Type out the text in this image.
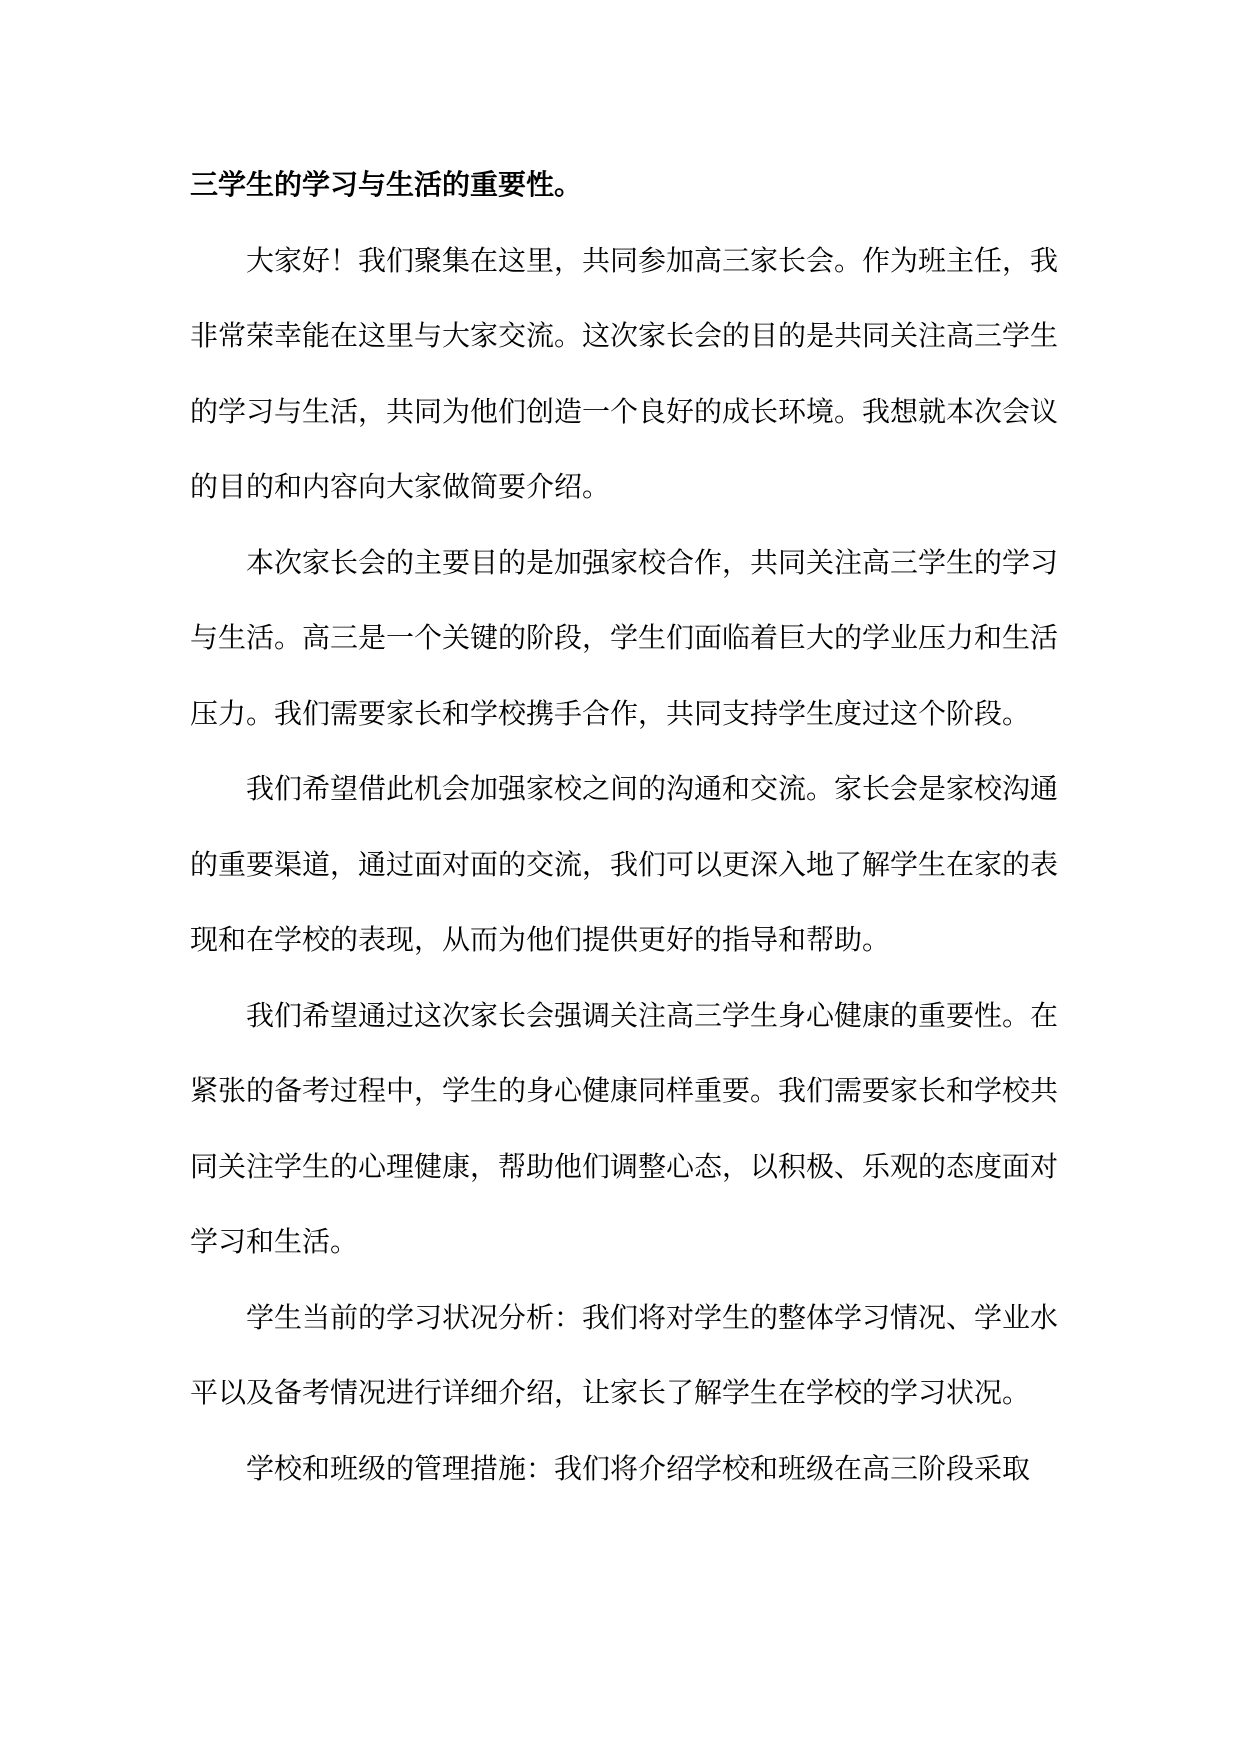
三学生的学习与生活的重要性。

大家好！我们聚集在这里，共同参加高三家长会。作为班主任，我非常荣幸能在这里与大家交流。这次家长会的目的是共同关注高三学生的学习与生活，共同为他们创造一个良好的成长环境。我想就本次会议的目的和内容向大家做简要介绍。

本次家长会的主要目的是加强家校合作，共同关注高三学生的学习与生活。高三是一个关键的阶段，学生们面临着巨大的学业压力和生活压力。我们需要家长和学校携手合作，共同支持学生度过这个阶段。

我们希望借此机会加强家校之间的沟通和交流。家长会是家校沟通的重要渠道，通过面对面的交流，我们可以更深入地了解学生在家的表现和在学校的表现，从而为他们提供更好的指导和帮助。

我们希望通过这次家长会强调关注高三学生身心健康的重要性。在紧张的备考过程中，学生的身心健康同样重要。我们需要家长和学校共同关注学生的心理健康，帮助他们调整心态，以积极、乐观的态度面对学习和生活。

学生当前的学习状况分析：我们将对学生的整体学习情况、学业水平以及备考情况进行详细介绍，让家长了解学生在学校的学习状况。

学校和班级的管理措施：我们将介绍学校和班级在高三阶段采取
